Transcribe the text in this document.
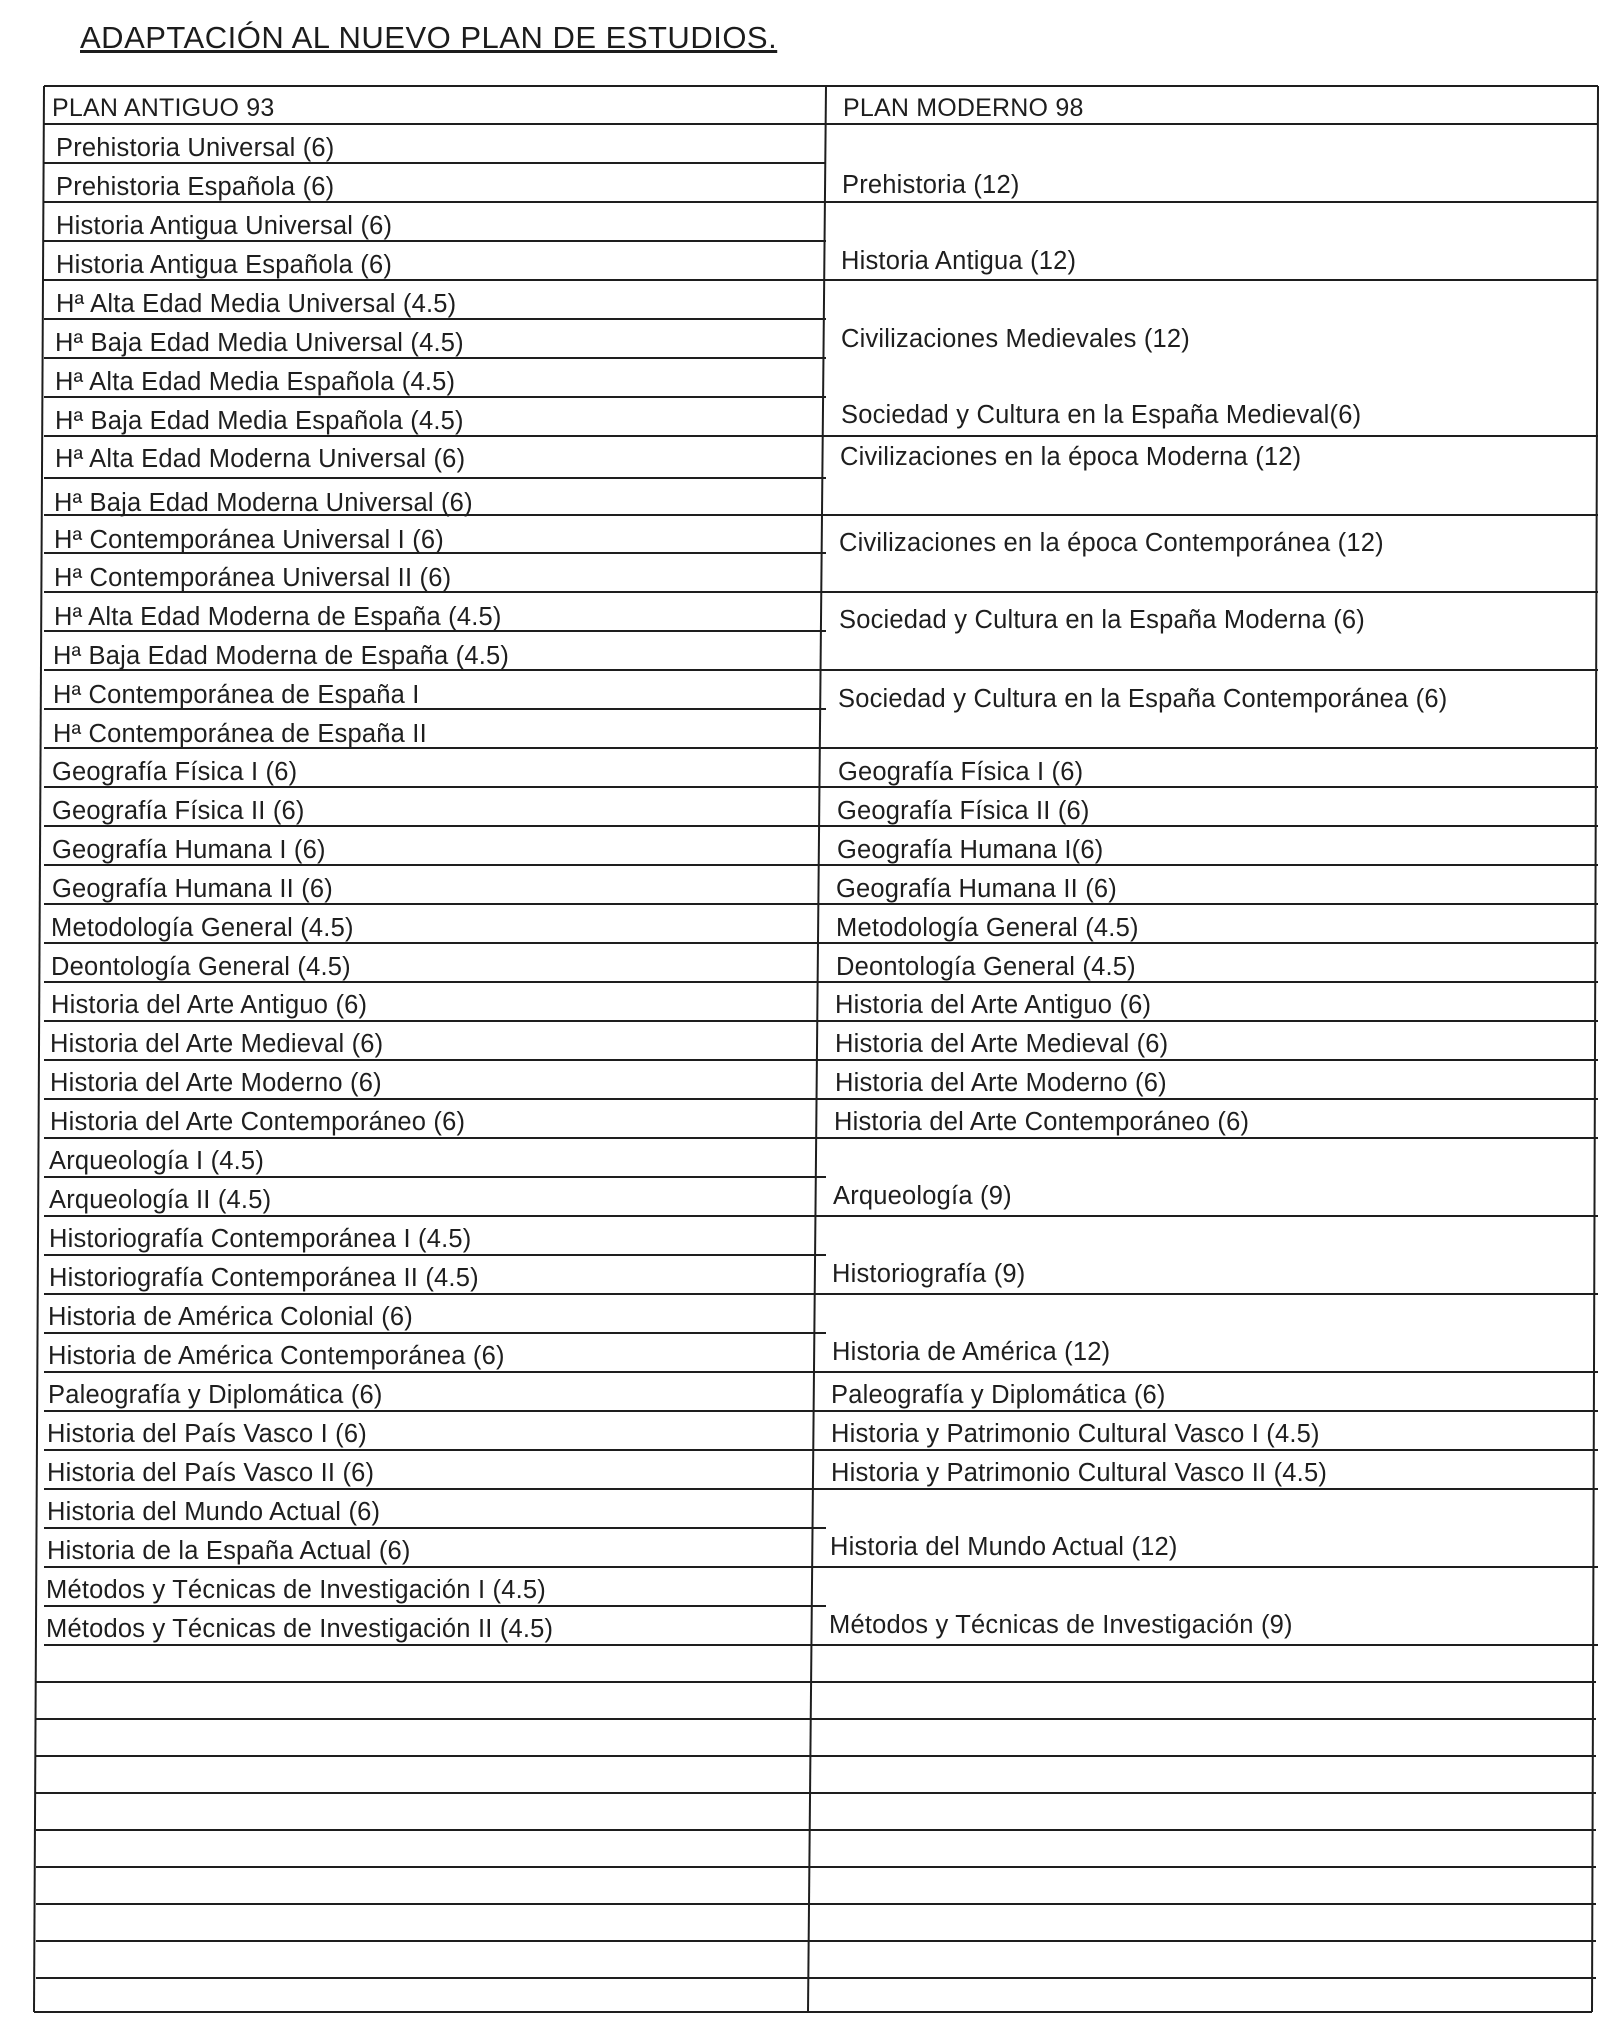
ADAPTACIÓN AL NUEVO PLAN DE ESTUDIOS.
PLAN ANTIGUO 93	PLAN MODERNO 98
Prehistoria Universal (6)
Prehistoria Española (6)
Historia Antigua Universal (6)
Historia Antigua Española (6)
Hª Alta Edad Media Universal (4.5)
Hª Baja Edad Media Universal (4.5)
Hª Alta Edad Media Española (4.5)
Hª Baja Edad Media Española (4.5)
Hª Alta Edad Moderna Universal (6)
Hª Baja Edad Moderna Universal (6)
Hª Contemporánea Universal I (6)
Hª Contemporánea Universal II (6)
Hª Alta Edad Moderna de España (4.5)
Hª Baja Edad Moderna de España (4.5)
Hª Contemporánea de España I
Hª Contemporánea de España II
Geografía Física I (6)
Geografía Física II (6)
Geografía Humana I (6)
Geografía Humana II (6)
Metodología General (4.5)
Deontología General (4.5)
Historia del Arte Antiguo (6)
Historia del Arte Medieval (6)
Historia del Arte Moderno (6)
Historia del Arte Contemporáneo (6)
Arqueología I (4.5)
Arqueología II (4.5)
Historiografía Contemporánea I (4.5)
Historiografía Contemporánea II (4.5)
Historia de América Colonial (6)
Historia de América Contemporánea (6)
Paleografía y Diplomática (6)
Historia del País Vasco I (6)
Historia del País Vasco II (6)
Historia del Mundo Actual (6)
Historia de la España Actual (6)
Métodos y Técnicas de Investigación I (4.5)
Métodos y Técnicas de Investigación II (4.5)
Prehistoria (12)
Historia Antigua (12)
Civilizaciones Medievales (12)
Sociedad y Cultura en la España Medieval(6)
Civilizaciones en la época Moderna (12)
Civilizaciones en la época Contemporánea (12)
Sociedad y Cultura en la España Moderna (6)
Sociedad y Cultura en la España Contemporánea (6)
Geografía Física I (6)
Geografía Física II (6)
Geografía Humana I(6)
Geografía Humana II (6)
Metodología General (4.5)
Deontología General (4.5)
Historia del Arte Antiguo (6)
Historia del Arte Medieval (6)
Historia del Arte Moderno (6)
Historia del Arte Contemporáneo (6)
Arqueología (9)
Historiografía (9)
Historia de América (12)
Paleografía y Diplomática (6)
Historia y Patrimonio Cultural Vasco I (4.5)
Historia y Patrimonio Cultural Vasco II (4.5)
Historia del Mundo Actual (12)
Métodos y Técnicas de Investigación (9)
